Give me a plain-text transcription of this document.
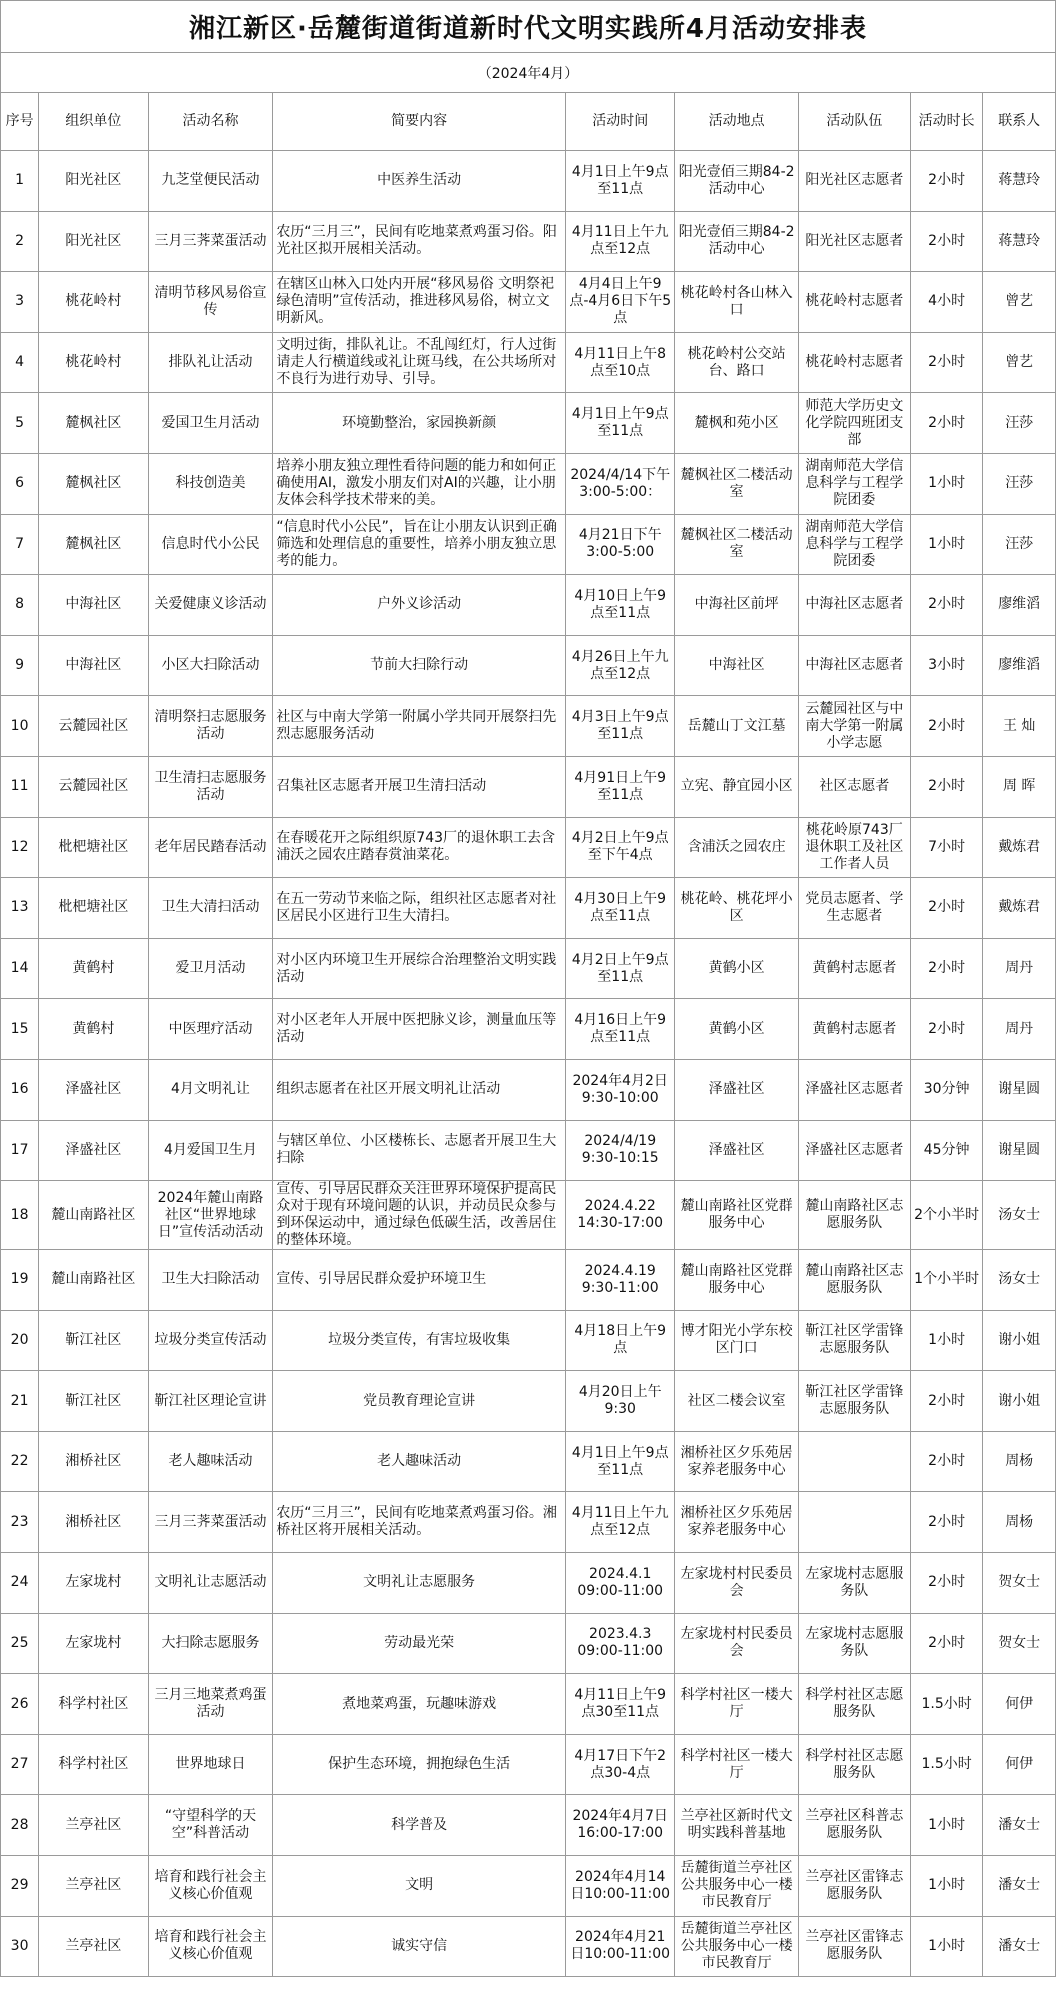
湘江新区·岳麓街道街道新时代文明实践所4月活动安排表
（2024年4月）
序号	组织单位	活动名称	简要内容	活动时间	活动地点	活动队伍	活动时长	联系人
1	阳光社区	九芝堂便民活动	中医养生活动	4月1日上午9点至11点	阳光壹佰三期84-2活动中心	阳光社区志愿者	2小时	蒋慧玲
2	阳光社区	三月三荠菜蛋活动	农历“三月三”，民间有吃地菜煮鸡蛋习俗。阳光社区拟开展相关活动。	4月11日上午九点至12点	阳光壹佰三期84-2活动中心	阳光社区志愿者	2小时	蒋慧玲
3	桃花岭村	清明节移风易俗宣传	在辖区山林入口处内开展“移风易俗 文明祭祀 绿色清明”宣传活动，推进移风易俗，树立文明新风。	4月4日上午9点-4月6日下午5点	桃花岭村各山林入口	桃花岭村志愿者	4小时	曾艺
4	桃花岭村	排队礼让活动	文明过街，排队礼让。不乱闯红灯，行人过街请走人行横道线或礼让斑马线，在公共场所对不良行为进行劝导、引导。	4月11日上午8点至10点	桃花岭村公交站台、路口	桃花岭村志愿者	2小时	曾艺
5	麓枫社区	爱国卫生月活动	环境勤整治，家园换新颜	4月1日上午9点至11点	麓枫和苑小区	师范大学历史文化学院四班团支部	2小时	汪莎
6	麓枫社区	科技创造美	培养小朋友独立理性看待问题的能力和如何正确使用AI，激发小朋友们对AI的兴趣，让小朋友体会科学技术带来的美。	2024/4/14下午3:00-5:00：	麓枫社区二楼活动室	湖南师范大学信息科学与工程学院团委	1小时	汪莎
7	麓枫社区	信息时代小公民	“信息时代小公民”，旨在让小朋友认识到正确筛选和处理信息的重要性，培养小朋友独立思考的能力。	4月21日下午3:00-5:00	麓枫社区二楼活动室	湖南师范大学信息科学与工程学院团委	1小时	汪莎
8	中海社区	关爱健康义诊活动	户外义诊活动	4月10日上午9点至11点	中海社区前坪	中海社区志愿者	2小时	廖维滔
9	中海社区	小区大扫除活动	节前大扫除行动	4月26日上午九点至12点	中海社区	中海社区志愿者	3小时	廖维滔
10	云麓园社区	清明祭扫志愿服务活动	社区与中南大学第一附属小学共同开展祭扫先烈志愿服务活动	4月3日上午9点至11点	岳麓山丁文江墓	云麓园社区与中南大学第一附属小学志愿	2小时	王 灿
11	云麓园社区	卫生清扫志愿服务活动	召集社区志愿者开展卫生清扫活动	4月91日上午9至11点	立宪、静宜园小区	社区志愿者	2小时	周 晖
12	枇杷塘社区	老年居民踏春活动	在春暖花开之际组织原743厂的退休职工去含浦沃之园农庄踏春赏油菜花。	4月2日上午9点至下午4点	含浦沃之园农庄	桃花岭原743厂退休职工及社区工作者人员	7小时	戴炼君
13	枇杷塘社区	卫生大清扫活动	在五一劳动节来临之际，组织社区志愿者对社区居民小区进行卫生大清扫。	4月30日上午9点至11点	桃花岭、桃花坪小区	党员志愿者、学生志愿者	2小时	戴炼君
14	黄鹤村	爱卫月活动	对小区内环境卫生开展综合治理整治文明实践活动	4月2日上午9点至11点	黄鹤小区	黄鹤村志愿者	2小时	周丹
15	黄鹤村	中医理疗活动	对小区老年人开展中医把脉义诊，测量血压等活动	4月16日上午9点至11点	黄鹤小区	黄鹤村志愿者	2小时	周丹
16	泽盛社区	4月文明礼让	组织志愿者在社区开展文明礼让活动	2024年4月2日9:30-10:00	泽盛社区	泽盛社区志愿者	30分钟	谢星圆
17	泽盛社区	4月爱国卫生月	与辖区单位、小区楼栋长、志愿者开展卫生大扫除	2024/4/19 9:30-10:15	泽盛社区	泽盛社区志愿者	45分钟	谢星圆
18	麓山南路社区	2024年麓山南路社区“世界地球日”宣传活动活动	宣传、引导居民群众关注世界环境保护提高民众对于现有环境问题的认识，并动员民众参与到环保运动中，通过绿色低碳生活，改善居住的整体环境。	2024.4.22 14:30-17:00	麓山南路社区党群服务中心	麓山南路社区志愿服务队	2个小半时	汤女士
19	麓山南路社区	卫生大扫除活动	宣传、引导居民群众爱护环境卫生	2024.4.19 9:30-11:00	麓山南路社区党群服务中心	麓山南路社区志愿服务队	1个小半时	汤女士
20	靳江社区	垃圾分类宣传活动	垃圾分类宣传，有害垃圾收集	4月18日上午9点	博才阳光小学东校区门口	靳江社区学雷锋志愿服务队	1小时	谢小姐
21	靳江社区	靳江社区理论宣讲	党员教育理论宣讲	4月20日上午9:30	社区二楼会议室	靳江社区学雷锋志愿服务队	2小时	谢小姐
22	湘桥社区	老人趣味活动	老人趣味活动	4月1日上午9点至11点	湘桥社区夕乐苑居家养老服务中心		2小时	周杨
23	湘桥社区	三月三荠菜蛋活动	农历“三月三”，民间有吃地菜煮鸡蛋习俗。湘桥社区将开展相关活动。	4月11日上午九点至12点	湘桥社区夕乐苑居家养老服务中心		2小时	周杨
24	左家垅村	文明礼让志愿活动	文明礼让志愿服务	2024.4.1 09:00-11:00	左家垅村村民委员会	左家垅村志愿服务队	2小时	贺女士
25	左家垅村	大扫除志愿服务	劳动最光荣	2023.4.3 09:00-11:00	左家垅村村民委员会	左家垅村志愿服务队	2小时	贺女士
26	科学村社区	三月三地菜煮鸡蛋活动	煮地菜鸡蛋，玩趣味游戏	4月11日上午9点30至11点	科学村社区一楼大厅	科学村社区志愿服务队	1.5小时	何伊
27	科学村社区	世界地球日	保护生态环境，拥抱绿色生活	4月17日下午2点30-4点	科学村社区一楼大厅	科学村社区志愿服务队	1.5小时	何伊
28	兰亭社区	“守望科学的天空”科普活动	科学普及	2024年4月7日16:00-17:00	兰亭社区新时代文明实践科普基地	兰亭社区科普志愿服务队	1小时	潘女士
29	兰亭社区	培育和践行社会主义核心价值观	文明	2024年4月14日10:00-11:00	岳麓街道兰亭社区公共服务中心一楼市民教育厅	兰亭社区雷锋志愿服务队	1小时	潘女士
30	兰亭社区	培育和践行社会主义核心价值观	诚实守信	2024年4月21日10:00-11:00	岳麓街道兰亭社区公共服务中心一楼市民教育厅	兰亭社区雷锋志愿服务队	1小时	潘女士
